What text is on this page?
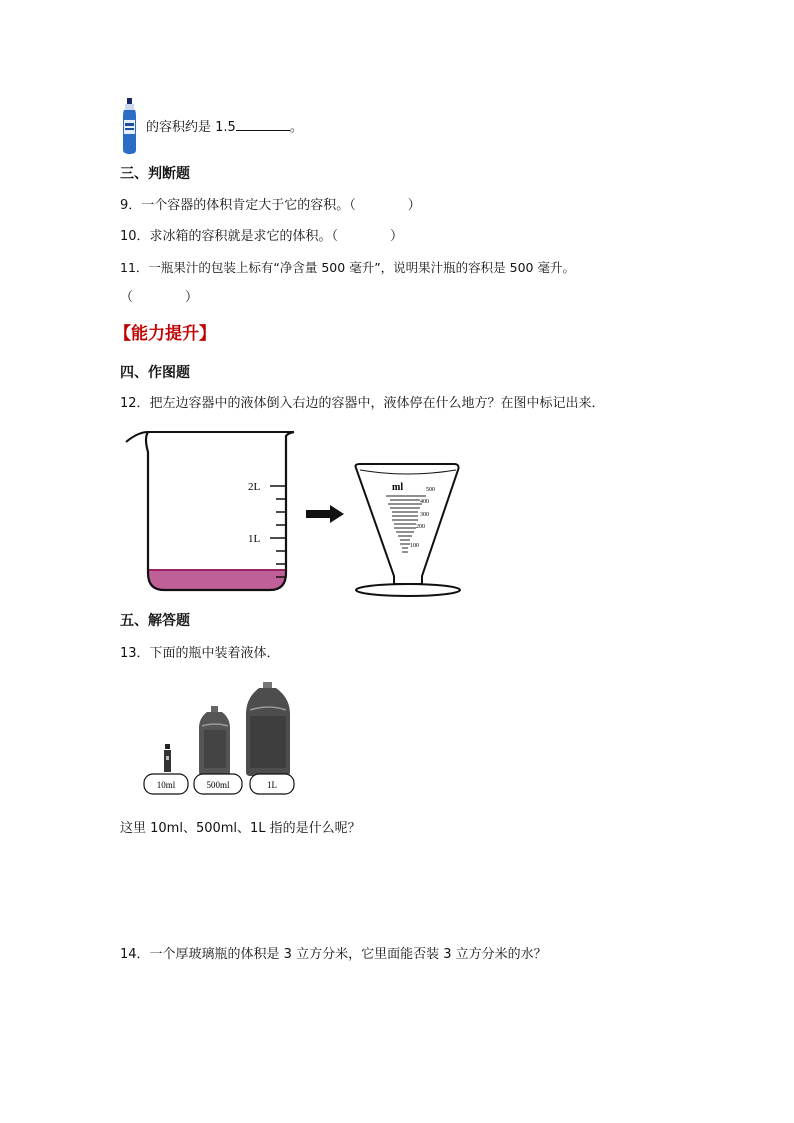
的容积约是 1.5	。
三、判断题
9．一个容器的体积肯定大于它的容积。（	）
10．求冰箱的容积就是求它的体积。（	）
11．一瓶果汁的包装上标有“净含量 500 毫升”，说明果汁瓶的容积是 500 毫升。
（	）
【能力提升】
四、作图题
12．把左边容器中的液体倒入右边的容器中，液体停在什么地方？在图中标记出来．
2L
1L
ml	500
400
300
200
100
五、解答题
13．下面的瓶中装着液体．
10ml	500ml	1L
这里 10ml、500ml、1L 指的是什么呢？
14．一个厚玻璃瓶的体积是 3 立方分米，它里面能否装 3 立方分米的水？
